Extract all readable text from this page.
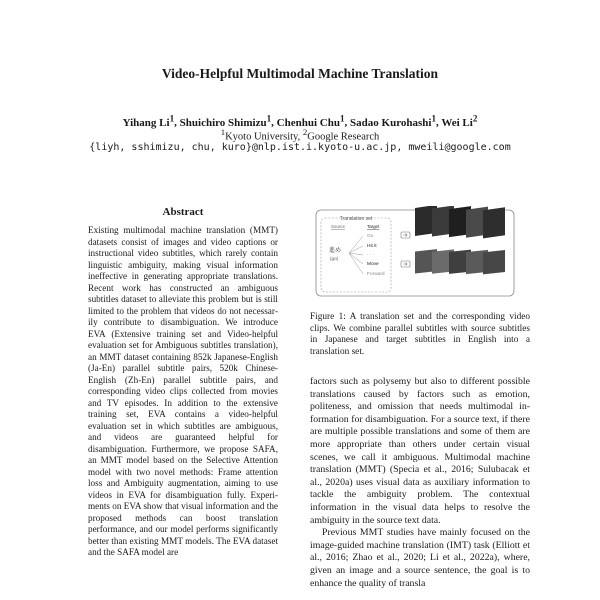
Video-Helpful Multimodal Machine Translation
Yihang Li$^1$, Shuichiro Shimizu$^1$, Chenhui Chu$^1$, Sadao Kurohashi$^1$, Wei Li$^2$
$^1$Kyoto University, $^2$Google Research
{liyh, sshimizu, chu, kuro}@nlp.ist.i.kyoto-u.ac.jp, mweili@google.com
Abstract
Existing multimodal machine translation (MMT) datasets consist of images and video captions or instructional video subtitles, which rarely contain linguistic ambiguity, making visual information ineffective in generating appropriate translations. Recent work has constructed an ambiguous subtitles dataset to alleviate this problem but is still limited to the problem that videos do not necessarily contribute to disambiguation. We introduce EVA (Extensive training set and Video-helpful evaluation set for Ambiguous subtitles translation), an MMT dataset containing 852k Japanese-English (Ja-En) parallel subtitle pairs, 520k Chinese-English (Zh-En) parallel subtitle pairs, and corresponding video clips collected from movies and TV episodes. In addition to the extensive training set, EVA contains a video-helpful evaluation set in which subtitles are ambiguous, and videos are guaranteed helpful for disambiguation. Furthermore, we propose SAFA, an MMT model based on the Selective Attention model with two novel methods: Frame attention loss and Ambiguity augmentation, aiming to use videos in EVA for disambiguation fully. Experiments on EVA show that visual information and the proposed methods can boost translation performance, and our model performs significantly better than existing MMT models. The EVA dataset and the SAFA model are
Translation set
Source	Target
進め
(go)
Go
Hit it
· · ·
Move
Forward
Figure 1: A translation set and the corresponding video clips. We combine parallel subtitles with source subtitles in Japanese and target subtitles in English into a translation set.

factors such as polysemy but also to different possible translations caused by factors such as emotion, politeness, and omission that needs multimodal information for disambiguation. For a source text, if there are multiple possible translations and some of them are more appropriate than others under certain visual scenes, we call it ambiguous. Multimodal machine translation (MMT) (Specia et al., 2016; Sulubacak et al., 2020a) uses visual data as auxiliary information to tackle the ambiguity problem. The contextual information in the visual data helps to resolve the ambiguity in the source text data.

Previous MMT studies have mainly focused on the image-guided machine translation (IMT) task (Elliott et al., 2016; Zhao et al., 2020; Li et al., 2022a), where, given an image and a source sentence, the goal is to enhance the quality of transla
